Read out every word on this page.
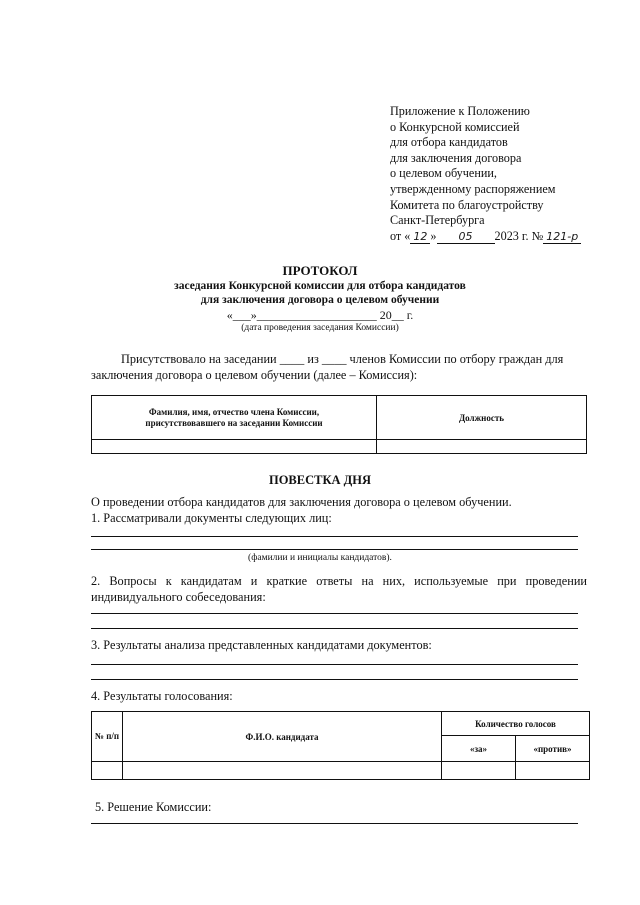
Приложение к Положению
о Конкурсной комиссией
для отбора кандидатов
для заключения договора
о целевом обучении,
утвержденному распоряжением
Комитета по благоустройству
Санкт-Петербурга
от « 12 » 05 2023 г. № 121-р
ПРОТОКОЛ
заседания Конкурсной комиссии для отбора кандидатов
для заключения договора о целевом обучении
«___»____________________ 20__ г.
(дата проведения заседания Комиссии)
Присутствовало на заседании ____ из ____ членов Комиссии по отбору граждан для
заключения договора о целевом обучении (далее – Комиссия):
Фамилия, имя, отчество члена Комиссии, присутствовавшего на заседании Комиссии	Должность

ПОВЕСТКА ДНЯ
О проведении отбора кандидатов для заключения договора о целевом обучении.
1. Рассматривали документы следующих лиц:
(фамилии и инициалы кандидатов).
2. Вопросы к кандидатам и краткие ответы на них, используемые при проведении
индивидуального собеседования:
3. Результаты анализа представленных кандидатами документов:
4. Результаты голосования:
№ п/п	Ф.И.О. кандидата	Количество голосов	
		«за»	«против»

5. Решение Комиссии:
